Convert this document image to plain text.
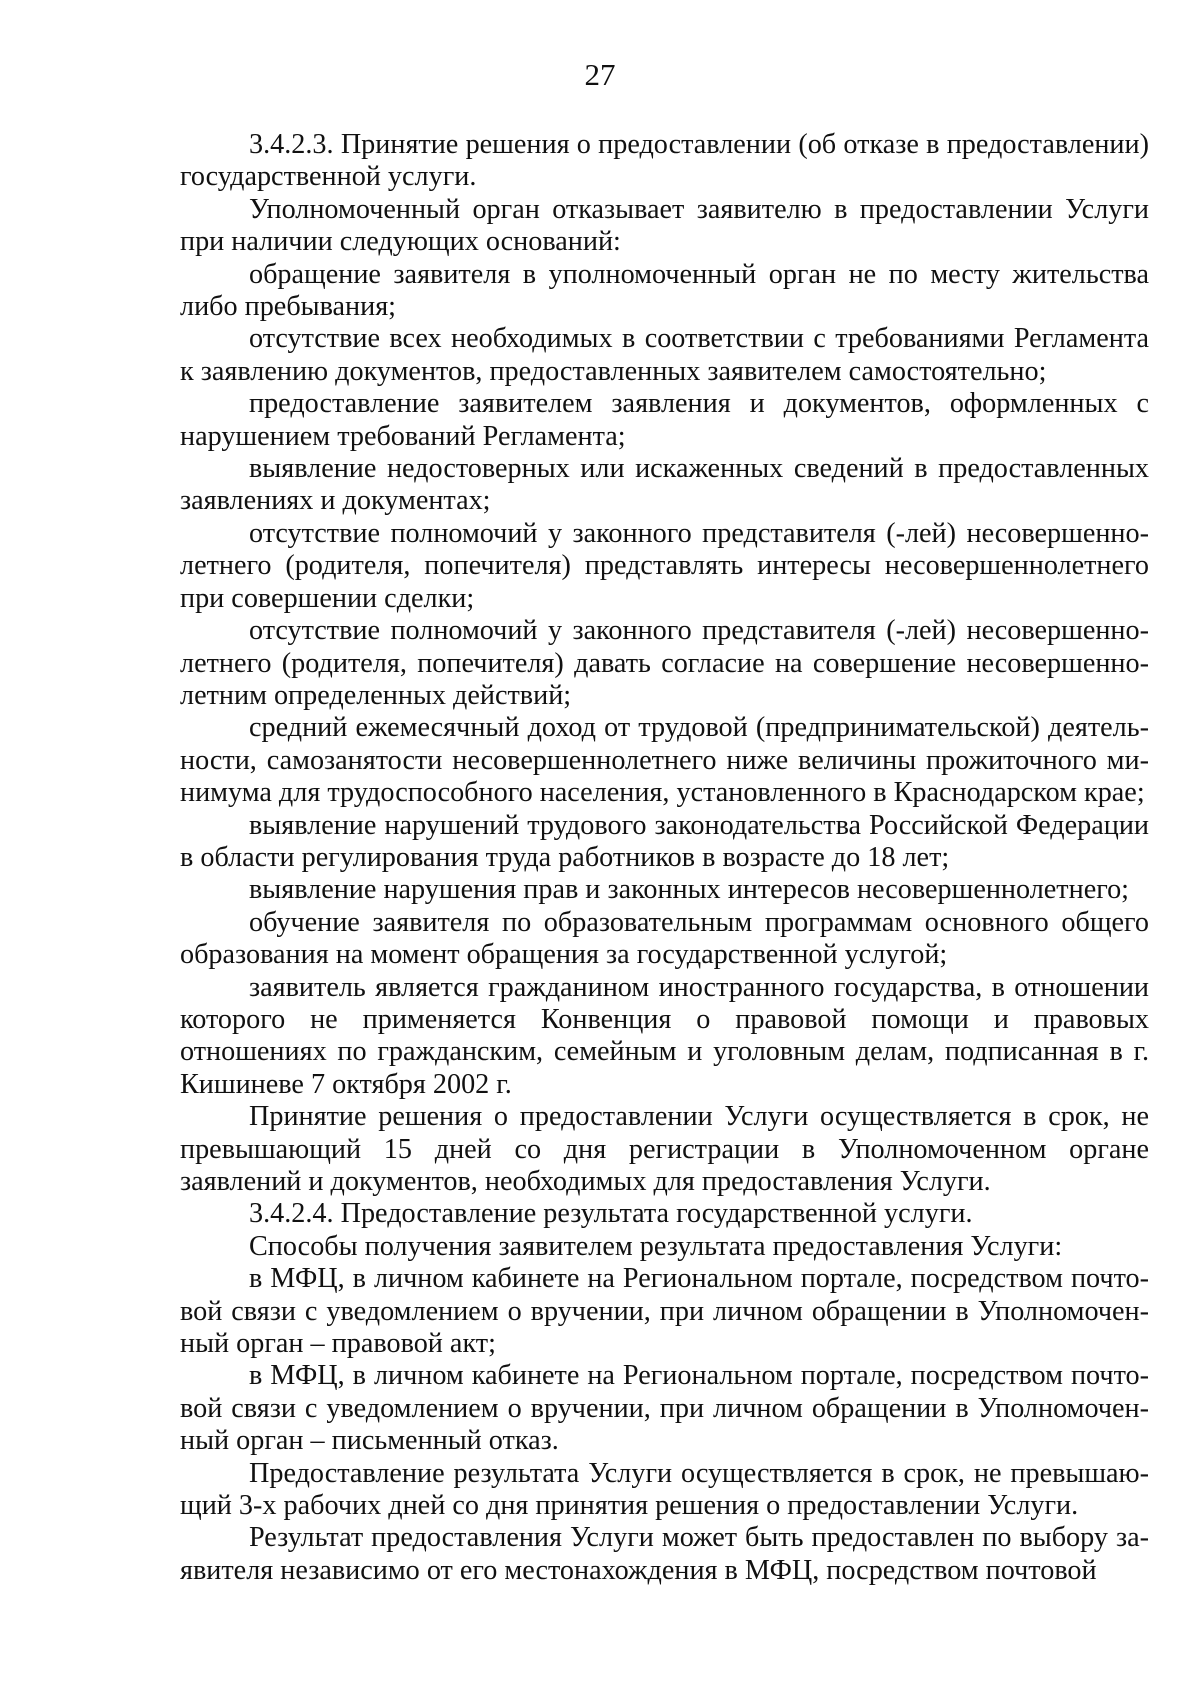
27

3.4.2.3. Принятие решения о предоставлении (об отказе в предоставлении) государственной услуги.

Уполномоченный орган отказывает заявителю в предоставлении Услуги при наличии следующих оснований:

обращение заявителя в уполномоченный орган не по месту жительства либо пребывания;

отсутствие всех необходимых в соответствии с требованиями Регламента к заявлению документов, предоставленных заявителем самостоятельно;

предоставление заявителем заявления и документов, оформленных с нарушением требований Регламента;

выявление недостоверных или искаженных сведений в предоставленных заявлениях и документах;

отсутствие полномочий у законного представителя (-лей) несовершеннолетнего (родителя, попечителя) представлять интересы несовершеннолетнего при совершении сделки;

отсутствие полномочий у законного представителя (-лей) несовершеннолетнего (родителя, попечителя) давать согласие на совершение несовершеннолетним определенных действий;

средний ежемесячный доход от трудовой (предпринимательской) деятельности, самозанятости несовершеннолетнего ниже величины прожиточного минимума для трудоспособного населения, установленного в Краснодарском крае;

выявление нарушений трудового законодательства Российской Федерации в области регулирования труда работников в возрасте до 18 лет;

выявление нарушения прав и законных интересов несовершеннолетнего;

обучение заявителя по образовательным программам основного общего образования на момент обращения за государственной услугой;

заявитель является гражданином иностранного государства, в отношении которого не применяется Конвенция о правовой помощи и правовых отношениях по гражданским, семейным и уголовным делам, подписанная в г. Кишиневе 7 октября 2002 г.

Принятие решения о предоставлении Услуги осуществляется в срок, не превышающий 15 дней со дня регистрации в Уполномоченном органе заявлений и документов, необходимых для предоставления Услуги.

3.4.2.4. Предоставление результата государственной услуги.

Способы получения заявителем результата предоставления Услуги:

в МФЦ, в личном кабинете на Региональном портале, посредством почтовой связи с уведомлением о вручении, при личном обращении в Уполномоченный орган – правовой акт;

в МФЦ, в личном кабинете на Региональном портале, посредством почтовой связи с уведомлением о вручении, при личном обращении в Уполномоченный орган – письменный отказ.

Предоставление результата Услуги осуществляется в срок, не превышающий 3-х рабочих дней со дня принятия решения о предоставлении Услуги.

Результат предоставления Услуги может быть предоставлен по выбору заявителя независимо от его местонахождения в МФЦ, посредством почтовой
